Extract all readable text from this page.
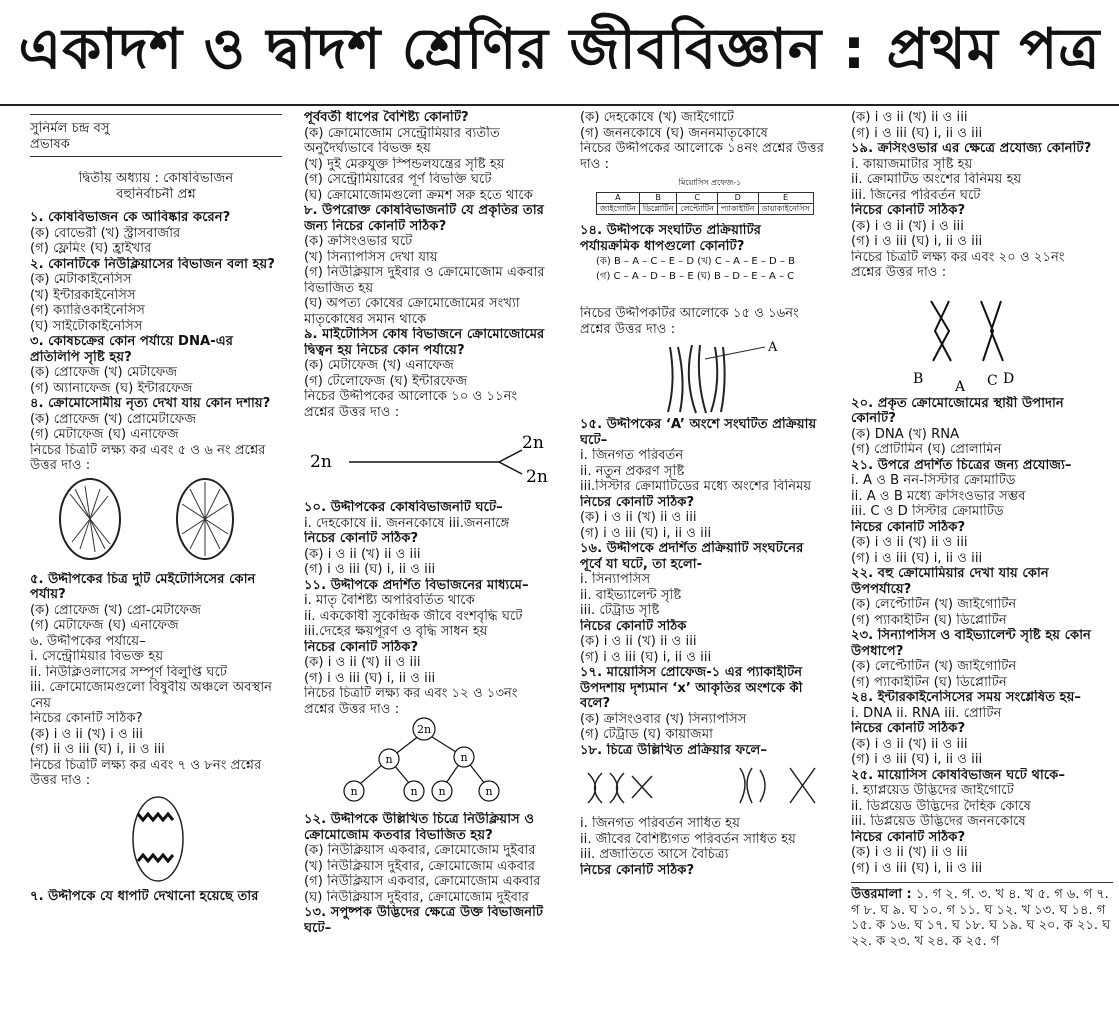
একাদশ ও দ্বাদশ শ্রেণির জীববিজ্ঞান : প্রথম পত্র
সুনির্মল চন্দ্র বসু
প্রভাষক
দ্বিতীয় অধ্যায় : কোষবিভাজন
বহুনির্বাচনী প্রশ্ন
১. কোষবিভাজন কে আবিষ্কার করেন?
(ক) বোভেরী (খ) স্ট্রাসবার্জার
(গ) ফ্লেমিং (ঘ) হ্রাইখার
২. কোনটিকে নিউক্লিয়াসের বিভাজন বলা হয়?
(ক) মেটাকাইনেসিস
(খ) ইন্টারকাইনেসিস
(গ) ক্যারিওকাইনেসিস
(ঘ) সাইটোকাইনেসিস
৩. কোষচক্রের কোন পর্যায়ে DNA-এর
প্রতিলিপি সৃষ্টি হয়?
(ক) প্রোফেজ (খ) মেটাফেজ
(গ) অ্যানাফেজ (ঘ) ইন্টারফেজ
৪. ক্রোমোসোমীয় নৃত্য দেখা যায় কোন দশায়?
(ক) প্রোফেজ (খ) প্রোমেটাফেজ
(গ) মেটাফেজ (ঘ) এনাফেজ
নিচের চিত্রটি লক্ষ্য কর এবং ৫ ও ৬ নং প্রশ্নের
উত্তর দাও :
৫. উদ্দীপকের চিত্র দুটি মেইটোসিসের কোন
পর্যায়?
(ক) প্রোফেজ (খ) প্রো-মেটাফেজ
(গ) মেটাফেজ (ঘ) এনাফেজ
৬. উদ্দীপকের পর্যায়ে–
i. সেন্ট্রোমিয়ার বিভক্ত হয়
ii. নিউক্লিওলাসের সম্পূর্ণ বিলুপ্তি ঘটে
iii. ক্রোমোজোমগুলো বিষুবীয় অঞ্চলে অবস্থান
নেয়
নিচের কোনটি সঠিক?
(ক) i ও ii (খ) i ও iii
(গ) ii ও iii (ঘ) i, ii ও iii
নিচের চিত্রটি লক্ষ্য কর এবং ৭ ও ৮নং প্রশ্নের
উত্তর দাও :
৭. উদ্দীপকে যে ধাপটি দেখানো হয়েছে তার
পূর্ববর্তী ধাপের বৈশিষ্ট্য কোনটি?
(ক) ক্রোমোজোম সেন্ট্রোমিয়ার ব্যতীত
অনুদৈর্ঘ্যভাবে বিভক্ত হয়
(খ) দুই মেরুযুক্ত স্পিন্ডলযন্ত্রের সৃষ্টি হয়
(গ) সেন্ট্রোমিয়ারের পূর্ণ বিভক্তি ঘটে
(ঘ) ক্রোমোজোমগুলো ক্রমশ সরু হতে থাকে
৮. উপরোক্ত কোষবিভাজনটি যে প্রকৃতির তার
জন্য নিচের কোনটি সঠিক?
(ক) ক্রসিংওভার ঘটে
(খ) সিন্যাপসিস দেখা যায়
(গ) নিউক্লিয়াস দুইবার ও ক্রোমোজোম একবার
বিভাজিত হয়
(ঘ) অপত্য কোষের ক্রোমোজোমের সংখ্যা
মাতৃকোষের সমান থাকে
৯. মাইটোসিস কোষ বিভাজনে ক্রোমোজোমের
দ্বিত্বন হয় নিচের কোন পর্যায়ে?
(ক) মেটাফেজ (খ) এনাফেজ
(গ) টেলোফেজ (ঘ) ইন্টারফেজ
নিচের উদ্দীপকের আলোকে ১০ ও ১১নং
প্রশ্নের উত্তর দাও :
2n
2n
2n
১০. উদ্দীপকের কোষবিভাজনটি ঘটে–
i. দেহকোষে ii. জননকোষে iii.জননাঙ্গে
নিচের কোনটি সঠিক?
(ক) i ও ii (খ) ii ও iii
(গ) i ও iii (ঘ) i, ii ও iii
১১. উদ্দীপকে প্রদর্শিত বিভাজনের মাধ্যমে–
i. মাতৃ বৈশিষ্ট্য অপরিবর্তিত থাকে
ii. এককোষী সুকেন্দ্রিক জীবে বংশবৃদ্ধি ঘটে
iii.দেহের ক্ষয়পূরণ ও বৃদ্ধি সাধন হয়
নিচের কোনটি সঠিক?
(ক) i ও ii (খ) ii ও iii
(গ) i ও iii (ঘ) i, ii ও iii
নিচের চিত্রটি লক্ষ্য কর এবং ১২ ও ১৩নং
প্রশ্নের উত্তর দাও :
2n
n	n
n	n n	n
১২. উদ্দীপকে উল্লিখিত চিত্রে নিউক্লিয়াস ও
ক্রোমোজোম কতবার বিভাজিত হয়?
(ক) নিউক্লিয়াস একবার, ক্রোমোজোম দুইবার
(খ) নিউক্লিয়াস দুইবার, ক্রোমোজোম একবার
(গ) নিউক্লিয়াস একবার, ক্রোমোজোম একবার
(ঘ) নিউক্লিয়াস দুইবার, ক্রোমোজোম দুইবার
১৩. সপুষ্পক উদ্ভিদের ক্ষেত্রে উক্ত বিভাজনটি
ঘটে–
(ক) দেহকোষে (খ) জাইগোটে
(গ) জননকোষে (ঘ) জননমাতৃকোষে
নিচের উদ্দীপকের আলোকে ১৪নং প্রশ্নের উত্তর
দাও :
মিয়োসিস প্রফেজ-১
A	B	C	D	E
জাইগোটিন	ডিপ্লোটিন	লেপ্টোটিন	প্যাকাইটিন	ডায়াকাইনেসিস
১৪. উদ্দীপকে সংঘটিত প্রক্রিয়াটির
পর্যায়ক্রমিক ধাপগুলো কোনটি?
(ক) B – A – C – E – D (খ) C – A – E – D – B
(গ) C – A – D – B – E (ঘ) B – D – E – A – C
নিচের উদ্দীপকটির আলোকে ১৫ ও ১৬নং
প্রশ্নের উত্তর দাও :
A
১৫. উদ্দীপকের ‘A’ অংশে সংঘটিত প্রক্রিয়ায়
ঘটে–
i. জিনগত পরিবর্তন
ii. নতুন প্রকরণ সৃষ্টি
iii.সিস্টার ক্রোমাটিডের মধ্যে অংশের বিনিময়
নিচের কোনটি সঠিক?
(ক) i ও ii (খ) ii ও iii
(গ) i ও iii (ঘ) i, ii ও iii
১৬. উদ্দীপকে প্রদর্শিত প্রক্রিয়াটি সংঘটনের
পূর্বে যা ঘটে, তা হলো-
i. সিন্যাপসিস
ii. বাইভ্যালেন্ট সৃষ্টি
iii. টেট্রাড সৃষ্টি
নিচের কোনটি সঠিক
(ক) i ও ii (খ) ii ও iii
(গ) i ও iii (ঘ) i, ii ও iii
১৭. মায়োসিস প্রোফেজ-১ এর প্যাকাইটিন
উপদশায় দৃশ্যমান ‘x’ আকৃতির অংশকে কী
বলে?
(ক) ক্রসিংওবার (খ) সিন্যাপসিস
(গ) টেট্রাড (ঘ) কায়াজমা
১৮. চিত্রে উল্লিখিত প্রক্রিয়ার ফলে–
i. জিনগত পরিবর্তন সাধিত হয়
ii. জীবের বৈশিষ্ট্যগত পরিবর্তন সাধিত হয়
iii. প্রজাতিতে আসে বৈচিত্র্য
নিচের কোনটি সঠিক?
(ক) i ও ii (খ) ii ও iii
(গ) i ও iii (ঘ) i, ii ও iii
১৯. ক্রসিংওভার এর ক্ষেত্রে প্রযোজ্য কোনটি?
i. কায়াজমাটার সৃষ্টি হয়
ii. ক্রোমাটিড অংশের বিনিময় হয়
iii. জিনের পরিবর্তন ঘটে
নিচের কোনটি সঠিক?
(ক) i ও ii (খ) i ও iii
(গ) i ও iii (ঘ) i, ii ও iii
নিচের চিত্রটি লক্ষ্য কর এবং ২০ ও ২১নং
প্রশ্নের উত্তর দাও :
B A C D
২০. প্রকৃত ক্রোমোজোমের স্থায়ী উপাদান
কোনটি?
(ক) DNA (খ) RNA
(গ) প্রোটামিন (ঘ) প্রোলামিন
২১. উপরে প্রদর্শিত চিত্রের জন্য প্রযোজ্য–
i. A ও B নন-সিস্টার ক্রোমাটিড
ii. A ও B মধ্যে ক্রসিংওভার সম্ভব
iii. C ও D সিস্টার ক্রোমাটিড
নিচের কোনটি সঠিক?
(ক) i ও ii (খ) ii ও iii
(গ) i ও iii (ঘ) i, ii ও iii
২২. বহু ক্রোমোমিয়ার দেখা যায় কোন
উপপর্যায়ে?
(ক) লেপ্টোটিন (খ) জাইগোটিন
(গ) প্যাকাইটিন (ঘ) ডিপ্লোটিন
২৩. সিন্যাপসিস ও বাইভ্যালেন্ট সৃষ্টি হয় কোন
উপধাপে?
(ক) লেপ্টোটিন (খ) জাইগোটিন
(গ) প্যাকাইটিন (ঘ) ডিপ্লোটিন
২৪. ইন্টারকাইনেসিসের সময় সংশ্লেষিত হয়–
i. DNA ii. RNA iii. প্রোটিন
নিচের কোনটি সঠিক?
(ক) i ও ii (খ) ii ও iii
(গ) i ও iii (ঘ) i, ii ও iii
২৫. মায়োসিস কোষবিভাজন ঘটে থাকে–
i. হ্যাপ্লয়েড উদ্ভিদের জাইগোটে
ii. ডিপ্লয়েড উদ্ভিদের দৈহিক কোষে
iii. ডিপ্লয়েড উদ্ভিদের জননকোষে
নিচের কোনটি সঠিক?
(ক) i ও ii (খ) ii ও iii
(গ) i ও iii (ঘ) i, ii ও iii
উত্তরমালা : ১. গ ২. গ. ৩. খ ৪. খ ৫. গ ৬. গ ৭. গ ৮. ঘ ৯. ঘ ১০. গ ১১. ঘ ১২. খ ১৩. ঘ ১৪. গ ১৫. ক ১৬. ঘ ১৭. ঘ ১৮. ঘ ১৯. ঘ ২০. ক ২১. ঘ ২২. ক ২৩. খ ২৪. ক ২৫. গ
